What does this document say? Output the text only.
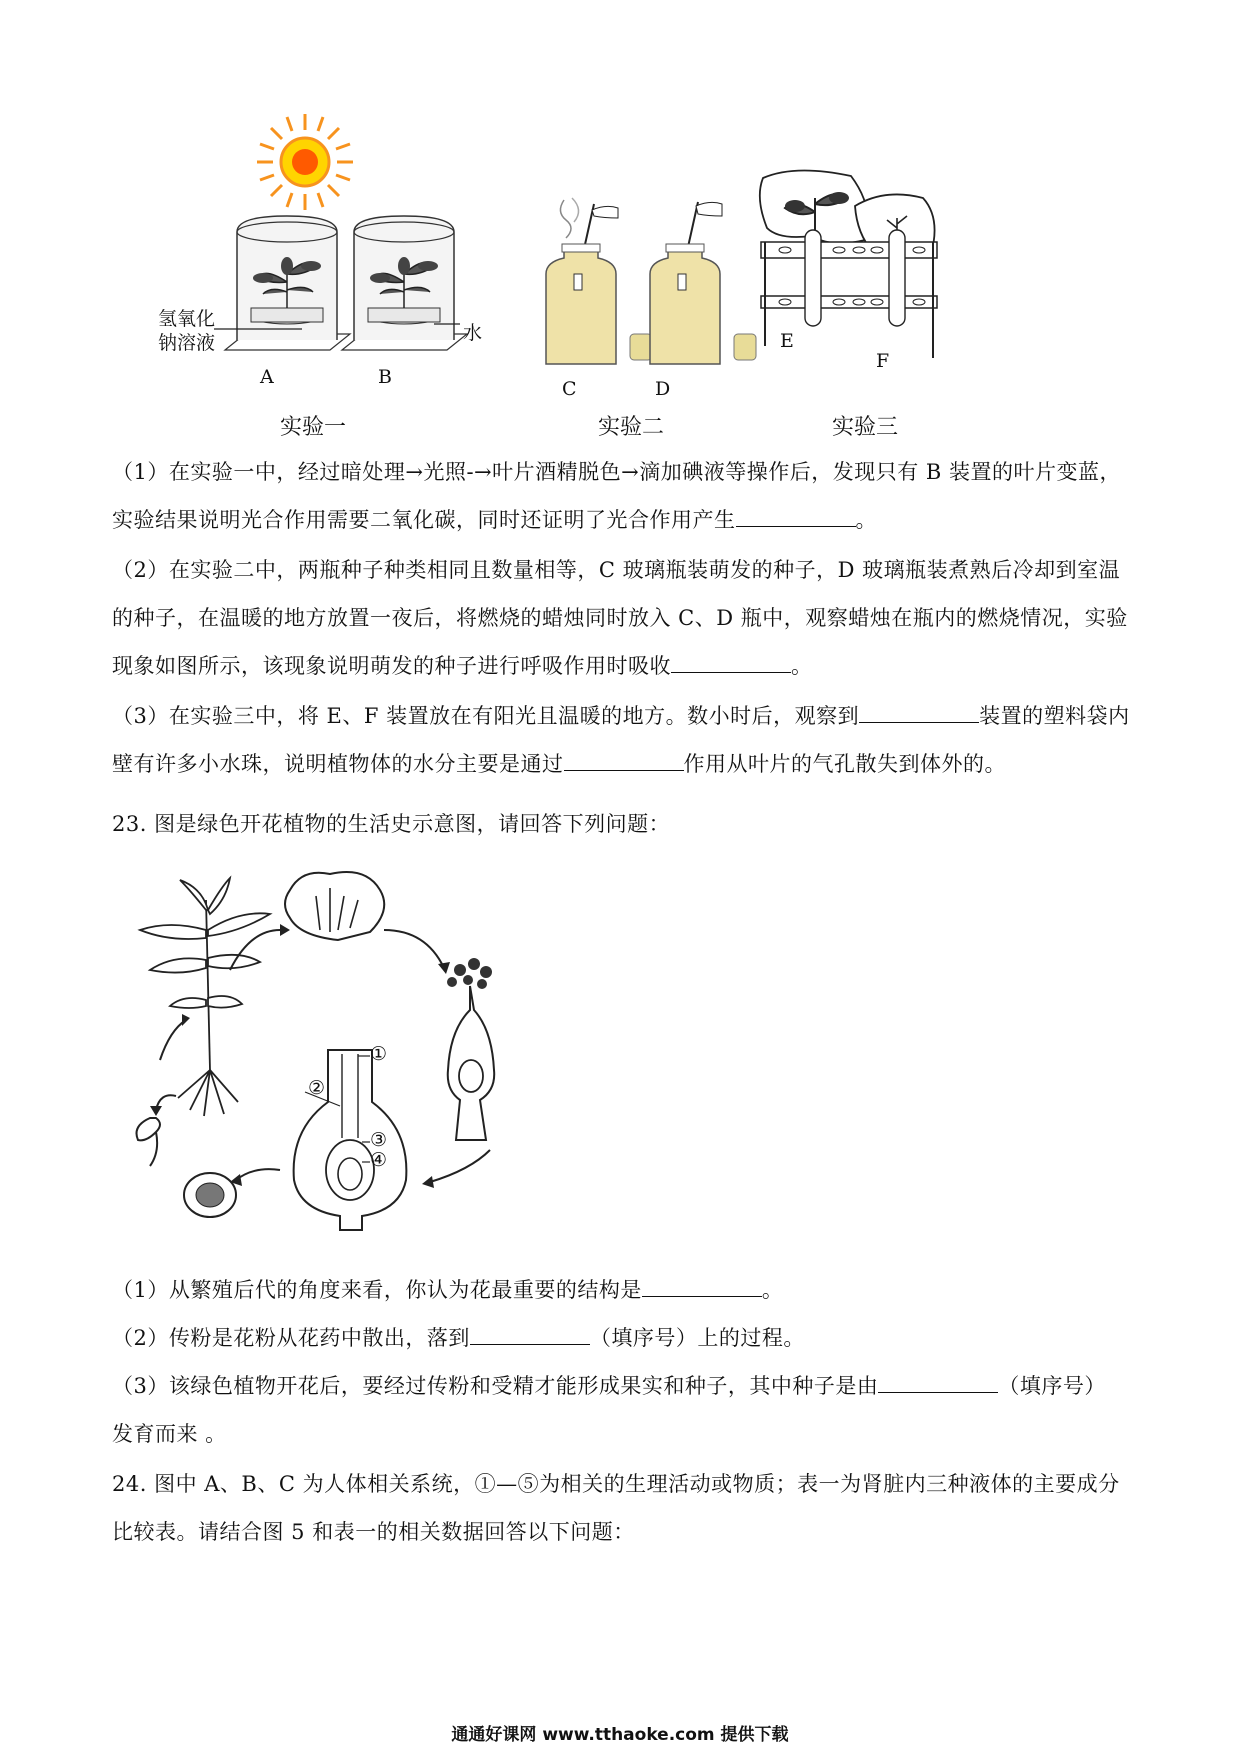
氢氧化
钠溶液	水
A	B
C	D
E
F
实验一	实验二	实验三
（1）在实验一中，经过暗处理→光照-→叶片酒精脱色→滴加碘液等操作后，发现只有 B 装置的叶片变蓝，
实验结果说明光合作用需要二氧化碳，同时还证明了光合作用产生	。
（2）在实验二中，两瓶种子种类相同且数量相等，C 玻璃瓶装萌发的种子，D 玻璃瓶装煮熟后冷却到室温
的种子，在温暖的地方放置一夜后，将燃烧的蜡烛同时放入 C、D 瓶中，观察蜡烛在瓶内的燃烧情况，实验
现象如图所示，该现象说明萌发的种子进行呼吸作用时吸收	。
（3）在实验三中，将 E、F 装置放在有阳光且温暖的地方。数小时后，观察到	装置的塑料袋内
壁有许多小水珠，说明植物体的水分主要是通过	作用从叶片的气孔散失到体外的。
23. 图是绿色开花植物的生活史示意图，请回答下列问题：
①
②
③
④
（1）从繁殖后代的角度来看，你认为花最重要的结构是	。
（2）传粉是花粉从花药中散出，落到	（填序号）上的过程。
（3）该绿色植物开花后，要经过传粉和受精才能形成果实和种子，其中种子是由	（填序号）
发育而来 。
24. 图中 A、B、C 为人体相关系统，①—⑤为相关的生理活动或物质；表一为肾脏内三种液体的主要成分
比较表。请结合图 5 和表一的相关数据回答以下问题：
通通好课网 www.tthaoke.com 提供下载
